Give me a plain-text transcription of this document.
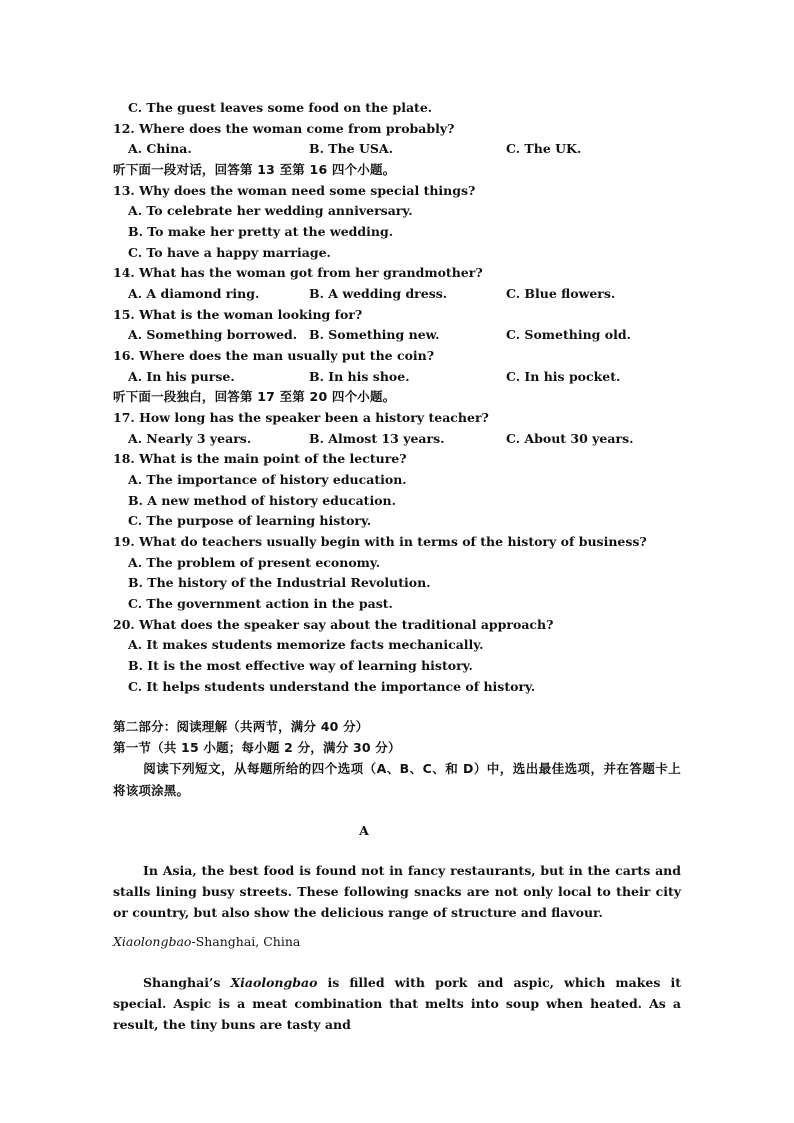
C. The guest leaves some food on the plate.
12. Where does the woman come from probably?
A. China.	B. The USA.	C. The UK.
听下面一段对话，回答第 13 至第 16 四个小题。
13. Why does the woman need some special things?
A. To celebrate her wedding anniversary.
B. To make her pretty at the wedding.
C. To have a happy marriage.
14. What has the woman got from her grandmother?
A. A diamond ring.	B. A wedding dress.	C. Blue flowers.
15. What is the woman looking for?
A. Something borrowed. B. Something new.	C. Something old.
16. Where does the man usually put the coin?
A. In his purse.	B. In his shoe.	C. In his pocket.
听下面一段独白，回答第 17 至第 20 四个小题。
17. How long has the speaker been a history teacher?
A. Nearly 3 years.	B. Almost 13 years.	C. About 30 years.
18. What is the main point of the lecture?
A. The importance of history education.
B. A new method of history education.
C. The purpose of learning history.
19. What do teachers usually begin with in terms of the history of business?
A. The problem of present economy.
B. The history of the Industrial Revolution.
C. The government action in the past.
20. What does the speaker say about the traditional approach?
A. It makes students memorize facts mechanically.
B. It is the most effective way of learning history.
C. It helps students understand the importance of history.
第二部分：阅读理解（共两节，满分 40 分）
第一节（共 15 小题；每小题 2 分，满分 30 分）
阅读下列短文，从每题所给的四个选项（A、B、C、和 D）中，选出最佳选项，并在答题卡上将该项涂黑。
A
In Asia, the best food is found not in fancy restaurants, but in the carts and stalls lining busy streets. These following snacks are not only local to their city or country, but also show the delicious range of structure and flavour.
Xiaolongbao-Shanghai, China
Shanghai’s Xiaolongbao is filled with pork and aspic, which makes it special. Aspic is a meat combination that melts into soup when heated. As a result, the tiny buns are tasty and
